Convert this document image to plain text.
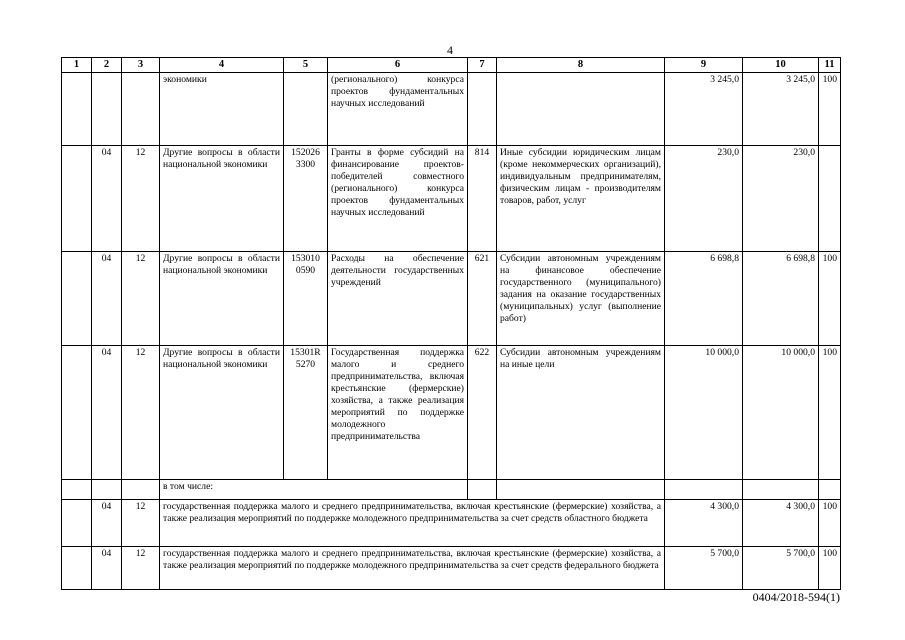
4
1	2	3	4	5	6	7	8	9	10	11
			экономики		(регионального) конкурса проектов фундаментальных научных исследований			3 245,0	3 245,0	100
	04	12	Другие вопросы в области национальной экономики	152026 3300	Гранты в форме субсидий на финансирование проектов-победителей совместного (регионального) конкурса проектов фундаментальных научных исследований	814	Иные субсидии юридическим лицам (кроме некоммерческих организаций), индивидуальным предпринимателям, физическим лицам - производителям товаров, работ, услуг	230,0	230,0	
	04	12	Другие вопросы в области национальной экономики	153010 0590	Расходы на обеспечение деятельности государственных учреждений	621	Субсидии автономным учреждениям на финансовое обеспечение государственного (муниципального) задания на оказание государственных (муниципальных) услуг (выполнение работ)	6 698,8	6 698,8	100
	04	12	Другие вопросы в области национальной экономики	15301R 5270	Государственная поддержка малого и среднего предпринимательства, включая крестьянские (фермерские) хозяйства, а также реализация мероприятий по поддержке молодежного предпринимательства	622	Субсидии автономным учреждениям на иные цели	10 000,0	10 000,0	100
			в том числе:							
	04	12	государственная поддержка малого и среднего предпринимательства, включая крестьянские (фермерские) хозяйства, а также реализация мероприятий по поддержке молодежного предпринимательства за счет средств областного бюджета					4 300,0	4 300,0	100
	04	12	государственная поддержка малого и среднего предпринимательства, включая крестьянские (фермерские) хозяйства, а также реализация мероприятий по поддержке молодежного предпринимательства за счет средств федерального бюджета					5 700,0	5 700,0	100
0404/2018-594(1)
